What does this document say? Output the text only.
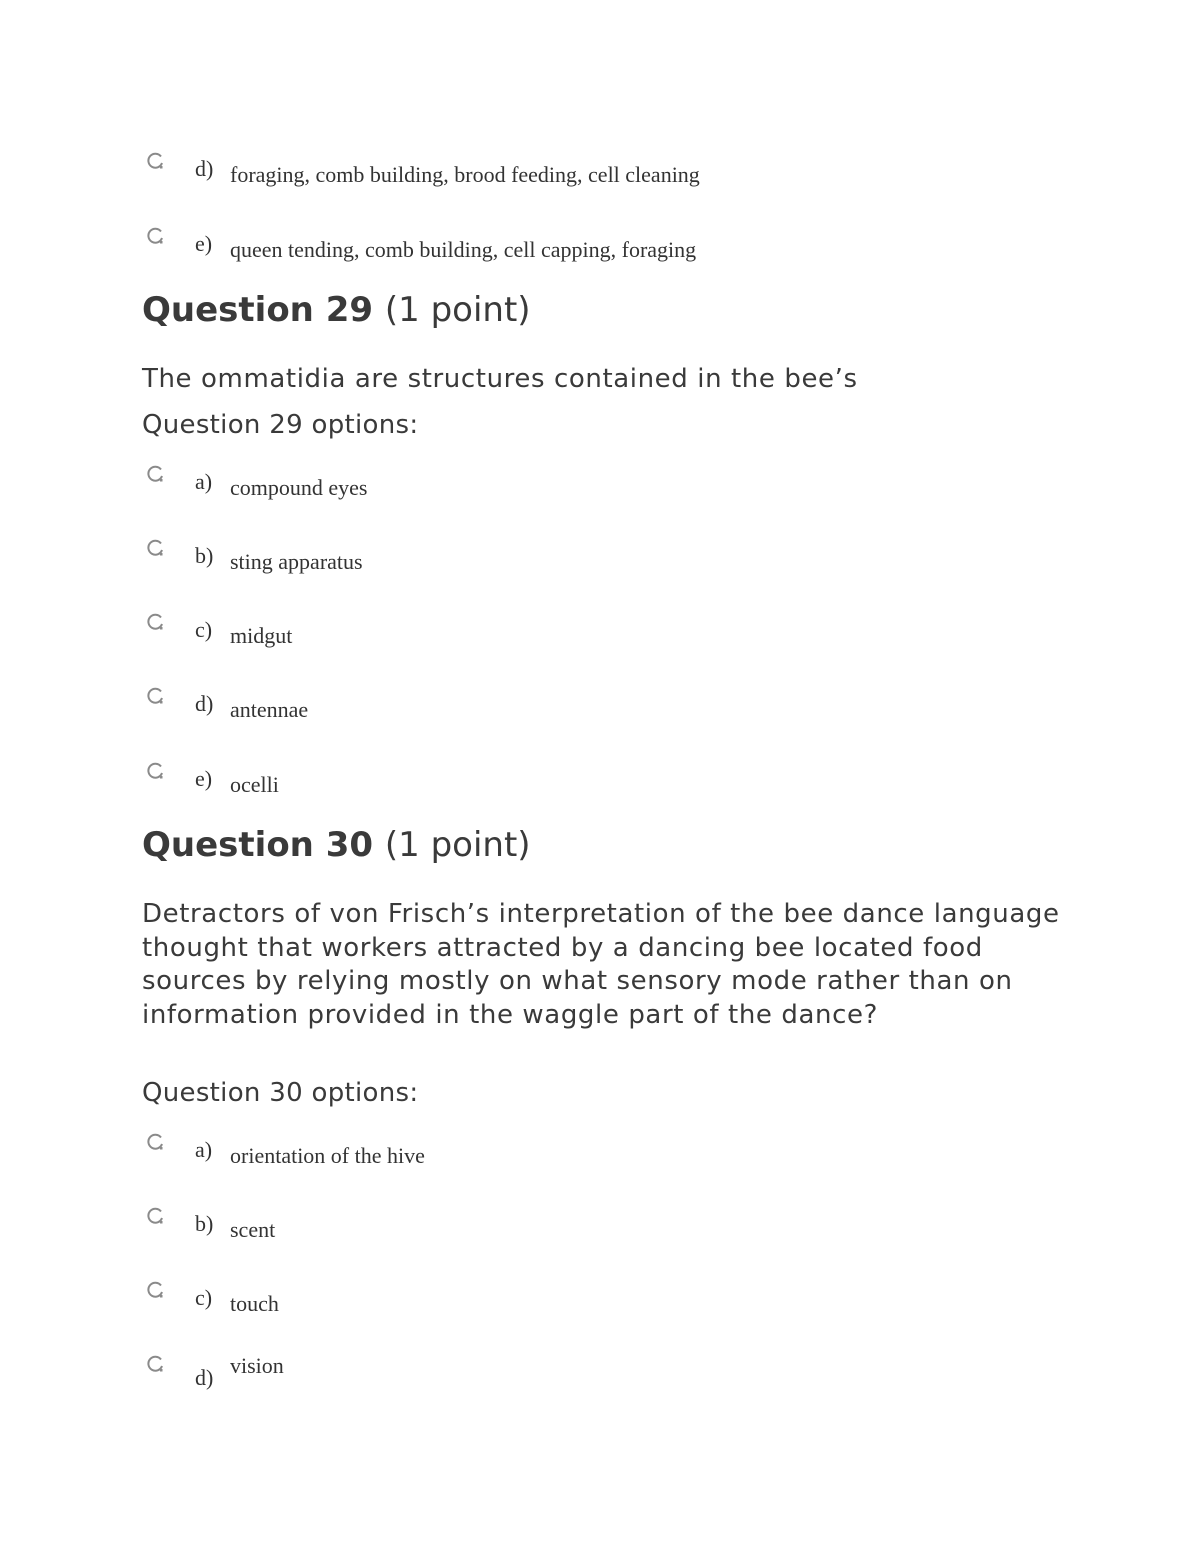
d) foraging, comb building, brood feeding, cell cleaning
e) queen tending, comb building, cell capping, foraging
Question 29 (1 point)

The ommatidia are structures contained in the bee’s

Question 29 options:

a) compound eyes
b) sting apparatus
c) midgut
d) antennae
e) ocelli
Question 30 (1 point)

Detractors of von Frisch’s interpretation of the bee dance language thought that workers attracted by a dancing bee located food sources by relying mostly on what sensory mode rather than on information provided in the waggle part of the dance?

Question 30 options:

a) orientation of the hive
b) scent
c) touch
d) vision
